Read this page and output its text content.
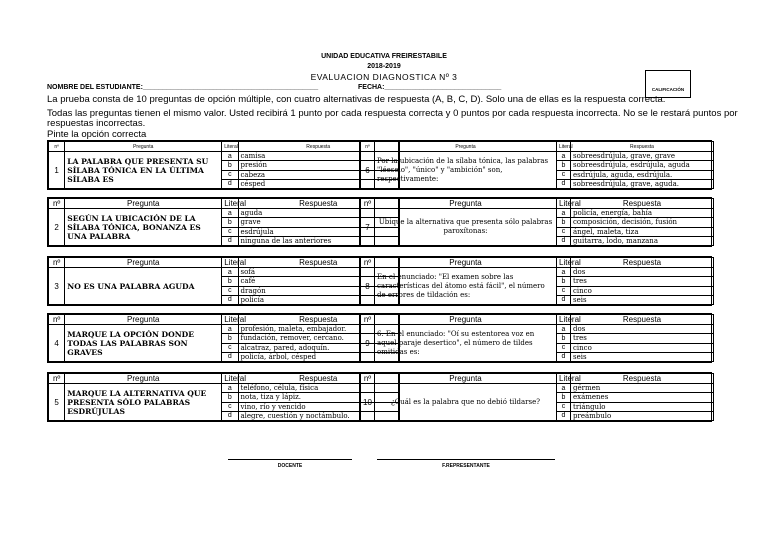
UNIDAD EDUCATIVA FREIRESTABILE
2018-2019
EVALUACION DIAGNOSTICA Nº 3
CALIFICACIÓN
NOMBRE DEL ESTUDIANTE:_____________________________________________	FECHA:______________________________
La prueba consta de 10 preguntas de opción múltiple, con cuatro alternativas de respuesta (A, B, C, D). Solo una de ellas es la respuesta correcta.
Todas las preguntas tienen el mismo valor. Usted recibirá 1 punto por cada respuesta correcta y 0 puntos por cada respuesta incorrecta. No se le restará puntos por
respuestas incorrectas.
Pinte la opción correcta
nº	Pregunta	Literal	Respuesta
1	LA PALABRA QUE PRESENTA SU SÍLABA TÓNICA EN LA ÚLTIMA SÍLABA ES	a	camisa
		b	presión
		c	cabeza
		d	césped
nº	Pregunta	Literal	Respuesta
2	SEGÚN LA UBICACIÓN DE LA SÍLABA TÓNICA, BONANZA ES UNA PALABRA	a	aguda
		b	grave
		c	esdrújula
		d	ninguna de las anteriores
nº	Pregunta	Literal	Respuesta
3	NO ES UNA PALABRA AGUDA	a	sofá
		b	café
		c	dragón
		d	policía
nº	Pregunta	Literal	Respuesta
4	MARQUE LA OPCIÓN DONDE TODAS LAS PALABRAS SON GRAVES	a	profesión, maleta, embajador.
		b	fundación, remover, cercano.
		c	alcatraz, pared, adoquín.
		d	policía, árbol, césped
nº	Pregunta	Literal	Respuesta
5	MARQUE LA ALTERNATIVA QUE PRESENTA SÓLO PALABRAS ESDRÚJULAS	a	teléfono, célula, física
		b	nota, tiza y lápiz.
		c	vino, río y vencido
		d	alegre, cuestión y noctámbulo.
nº	Pregunta	Literal	Respuesta
6	Por la ubicación de la sílaba tónica, las palabras "léeselo", "único" y "ambición" son, respectivamente:	a	sobreesdrújula, grave, grave
		b	sobreesdrújula, esdrújula, aguda
		c	esdrújula, aguda, esdrújula.
		d	sobreesdrújula, grave, aguda.
nº	Pregunta	Literal	Respuesta
7	Ubique la alternativa que presenta sólo palabras paroxítonas:	a	policía, energía, bahía
		b	composición, decisión, fusión
		c	ángel, maleta, tiza
		d	guitarra, lodo, manzana
nº	Pregunta	Literal	Respuesta
8	En el enunciado: "El examen sobre las características del átomo está fácil", el número de errores de tildación es:	a	dos
		b	tres
		c	cinco
		d	seis
nº	Pregunta	Literal	Respuesta
9	6. En el enunciado: "Oí su estentorea voz en aquel paraje desertico", el número de tildes omitidas es:	a	dos
		b	tres
		c	cinco
		d	seis
nº	Pregunta	Literal	Respuesta
10	¿Cuál es la palabra que no debió tildarse?	a	gérmen
		b	exámenes
		c	triángulo
		d	preámbulo
DOCENTE	F.REPRESENTANTE
